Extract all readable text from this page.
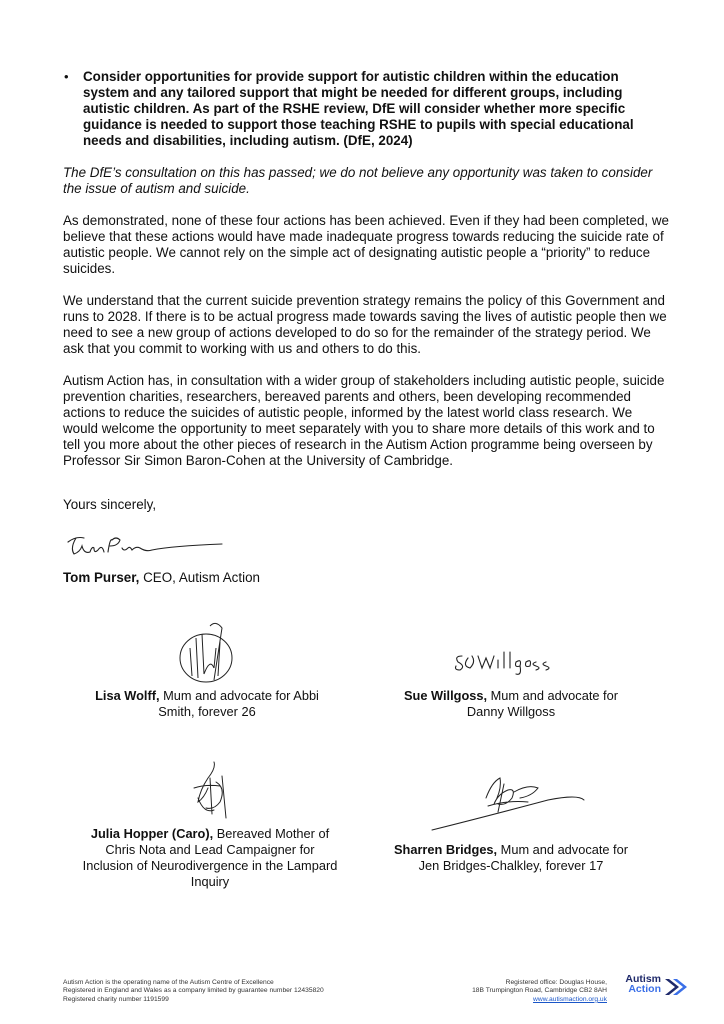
•	Consider opportunities for provide support for autistic children within the education system and any tailored support that might be needed for different groups, including autistic children. As part of the RSHE review, DfE will consider whether more specific guidance is needed to support those teaching RSHE to pupils with special educational needs and disabilities, including autism. (DfE, 2024)
The DfE’s consultation on this has passed; we do not believe any opportunity was taken to consider the issue of autism and suicide.
As demonstrated, none of these four actions has been achieved. Even if they had been completed, we believe that these actions would have made inadequate progress towards reducing the suicide rate of autistic people. We cannot rely on the simple act of designating autistic people a “priority” to reduce suicides.
We understand that the current suicide prevention strategy remains the policy of this Government and runs to 2028. If there is to be actual progress made towards saving the lives of autistic people then we need to see a new group of actions developed to do so for the remainder of the strategy period. We ask that you commit to working with us and others to do this.
Autism Action has, in consultation with a wider group of stakeholders including autistic people, suicide prevention charities, researchers, bereaved parents and others, been developing recommended actions to reduce the suicides of autistic people, informed by the latest world class research. We would welcome the opportunity to meet separately with you to share more details of this work and to tell you more about the other pieces of research in the Autism Action programme being overseen by Professor Sir Simon Baron-Cohen at the University of Cambridge.
Yours sincerely,
Tom Purser, CEO, Autism Action
Lisa Wolff, Mum and advocate for Abbi Smith, forever 26
Sue Willgoss, Mum and advocate for Danny Willgoss
Julia Hopper (Caro), Bereaved Mother of Chris Nota and Lead Campaigner for Inclusion of Neurodivergence in the Lampard Inquiry
Sharren Bridges, Mum and advocate for Jen Bridges-Chalkley, forever 17
Autism Action is the operating name of the Autism Centre of Excellence
Registered in England and Wales as a company limited by guarantee number 12435820
Registered charity number 1191599
Registered office: Douglas House,
18B Trumpington Road, Cambridge CB2 8AH
www.autismaction.org.uk
Autism
Action
